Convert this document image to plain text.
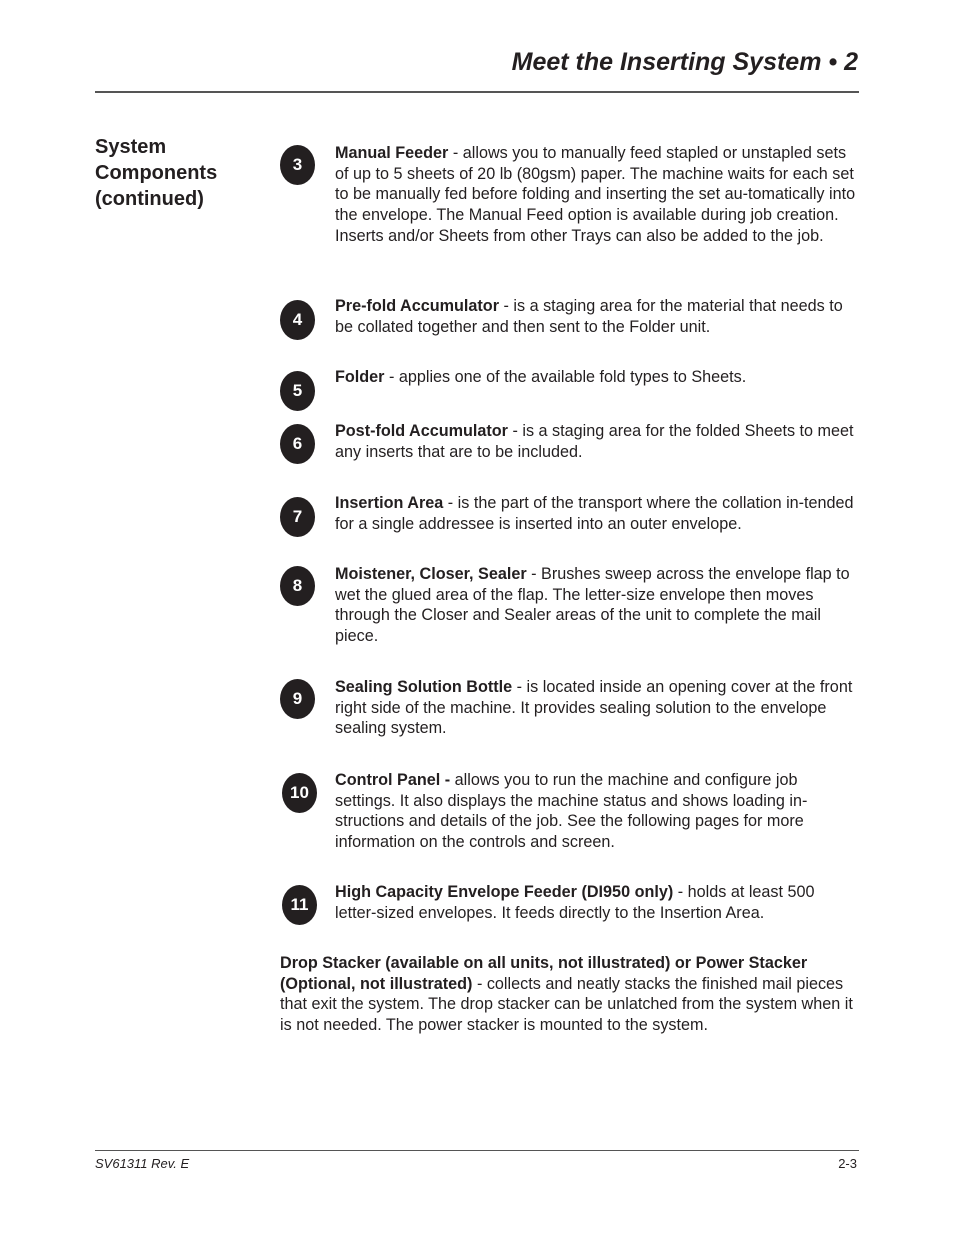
Meet the Inserting System • 2
System
Components
(continued)
3
Manual Feeder - allows you to manually feed stapled or unstapled sets of up to 5 sheets of 20 lb (80gsm) paper. The machine waits for each set to be manually fed before folding and inserting the set au-tomatically into the envelope. The Manual Feed option is available during job creation. Inserts and/or Sheets from other Trays can also be added to the job.
4
Pre-fold Accumulator - is a staging area for the material that needs to be collated together and then sent to the Folder unit.
5
Folder - applies one of the available fold types to Sheets.
6
Post-fold Accumulator - is a staging area for the folded Sheets to meet any inserts that are to be included.
7
Insertion Area - is the part of the transport where the collation in-tended for a single addressee is inserted into an outer envelope.
8
Moistener, Closer, Sealer - Brushes sweep across the envelope flap to wet the glued area of the flap. The letter-size envelope then moves through the Closer and Sealer areas of the unit to complete the mail piece.
9
Sealing Solution Bottle - is located inside an opening cover at the front right side of the machine. It provides sealing solution to the envelope sealing system.
10
Control Panel - allows you to run the machine and configure job settings. It also displays the machine status and shows loading in-structions and details of the job. See the following pages for more information on the controls and screen.
11
High Capacity Envelope Feeder (DI950 only) - holds at least 500 letter-sized envelopes. It feeds directly to the Insertion Area.
Drop Stacker (available on all units, not illustrated) or Power Stacker (Optional, not illustrated) - collects and neatly stacks the finished mail pieces that exit the system. The drop stacker can be unlatched from the system when it is not needed. The power stacker is mounted to the system.
SV61311 Rev. E	2-3
